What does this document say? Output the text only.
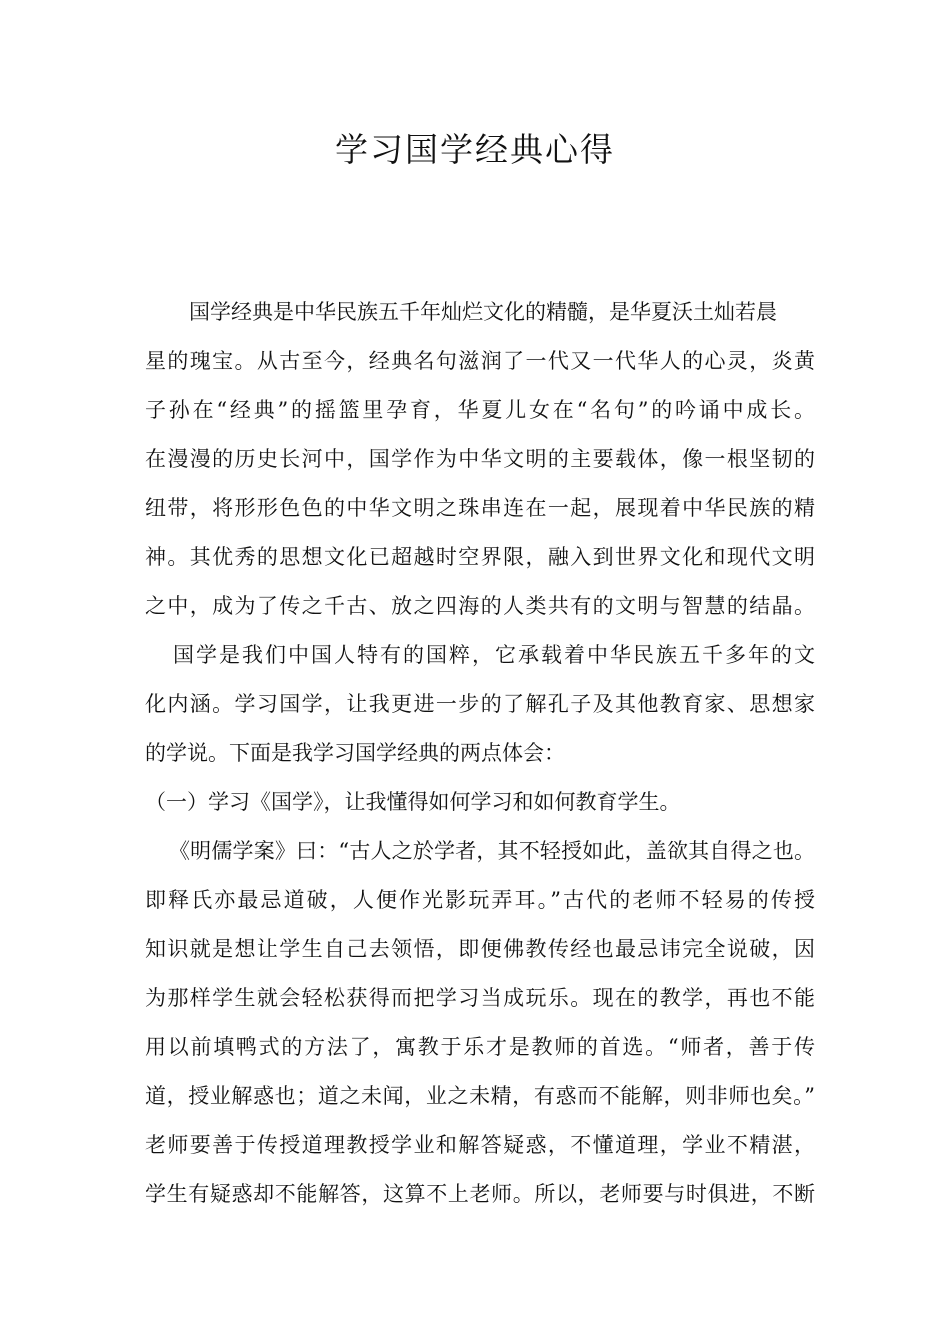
学习国学经典心得
国学经典是中华民族五千年灿烂文化的精髓，是华夏沃土灿若晨
星的瑰宝。从古至今，经典名句滋润了一代又一代华人的心灵，炎黄
子孙在“经典”的摇篮里孕育，华夏儿女在“名句”的吟诵中成长。
在漫漫的历史长河中，国学作为中华文明的主要载体，像一根坚韧的
纽带，将形形色色的中华文明之珠串连在一起，展现着中华民族的精
神。其优秀的思想文化已超越时空界限，融入到世界文化和现代文明
之中，成为了传之千古、放之四海的人类共有的文明与智慧的结晶。
国学是我们中国人特有的国粹，它承载着中华民族五千多年的文
化内涵。学习国学，让我更进一步的了解孔子及其他教育家、思想家
的学说。下面是我学习国学经典的两点体会：
（一）学习《国学》，让我懂得如何学习和如何教育学生。
《明儒学案》曰：“古人之於学者，其不轻授如此，盖欲其自得之也。
即释氏亦最忌道破，人便作光影玩弄耳。”古代的老师不轻易的传授
知识就是想让学生自己去领悟，即便佛教传经也最忌讳完全说破，因
为那样学生就会轻松获得而把学习当成玩乐。现在的教学，再也不能
用以前填鸭式的方法了，寓教于乐才是教师的首选。“师者，善于传
道，授业解惑也；道之未闻，业之未精，有惑而不能解，则非师也矣。”
老师要善于传授道理教授学业和解答疑惑，不懂道理，学业不精湛，
学生有疑惑却不能解答，这算不上老师。所以，老师要与时俱进，不断
